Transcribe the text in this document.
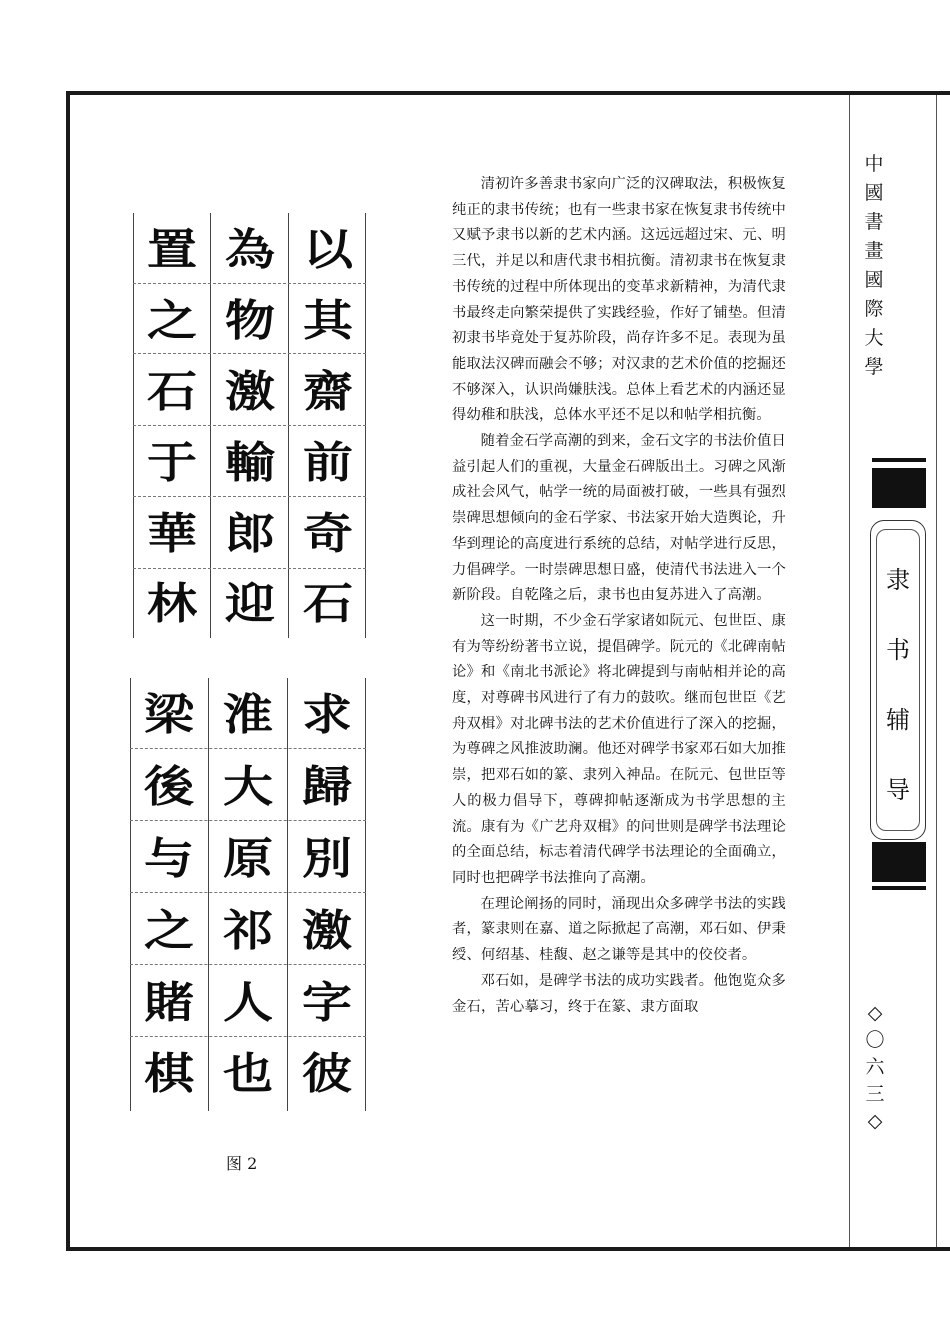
以
其
齋
前
奇
石
為
物
激
輸
郎
迎
置
之
石
于
華
林
求
歸
別
激
字
彼
淮
大
原
祁
人
也
梁
後
与
之
賭
棋
图 2

清初许多善隶书家向广泛的汉碑取法，积极恢复纯正的隶书传统；也有一些隶书家在恢复隶书传统中又赋予隶书以新的艺术内涵。这远远超过宋、元、明三代，并足以和唐代隶书相抗衡。清初隶书在恢复隶书传统的过程中所体现出的变革求新精神，为清代隶书最终走向繁荣提供了实践经验，作好了铺垫。但清初隶书毕竟处于复苏阶段，尚存许多不足。表现为虽能取法汉碑而融会不够；对汉隶的艺术价值的挖掘还不够深入，认识尚嫌肤浅。总体上看艺术的内涵还显得幼稚和肤浅，总体水平还不足以和帖学相抗衡。

随着金石学高潮的到来，金石文字的书法价值日益引起人们的重视，大量金石碑版出土。习碑之风渐成社会风气，帖学一统的局面被打破，一些具有强烈崇碑思想倾向的金石学家、书法家开始大造舆论，升华到理论的高度进行系统的总结，对帖学进行反思，力倡碑学。一时崇碑思想日盛，使清代书法进入一个新阶段。自乾隆之后，隶书也由复苏进入了高潮。

这一时期，不少金石学家诸如阮元、包世臣、康有为等纷纷著书立说，提倡碑学。阮元的《北碑南帖论》和《南北书派论》将北碑提到与南帖相并论的高度，对尊碑书风进行了有力的鼓吹。继而包世臣《艺舟双楫》对北碑书法的艺术价值进行了深入的挖掘，为尊碑之风推波助澜。他还对碑学书家邓石如大加推崇，把邓石如的篆、隶列入神品。在阮元、包世臣等人的极力倡导下，尊碑抑帖逐渐成为书学思想的主流。康有为《广艺舟双楫》的问世则是碑学书法理论的全面总结，标志着清代碑学书法理论的全面确立，同时也把碑学书法推向了高潮。

在理论阐扬的同时，涌现出众多碑学书法的实践者，篆隶则在嘉、道之际掀起了高潮，邓石如、伊秉绶、何绍基、桂馥、赵之谦等是其中的佼佼者。

邓石如，是碑学书法的成功实践者。他饱览众多金石，苦心摹习，终于在篆、隶方面取

中國書畫國際大學
隶书辅导
◇〇六三◇
